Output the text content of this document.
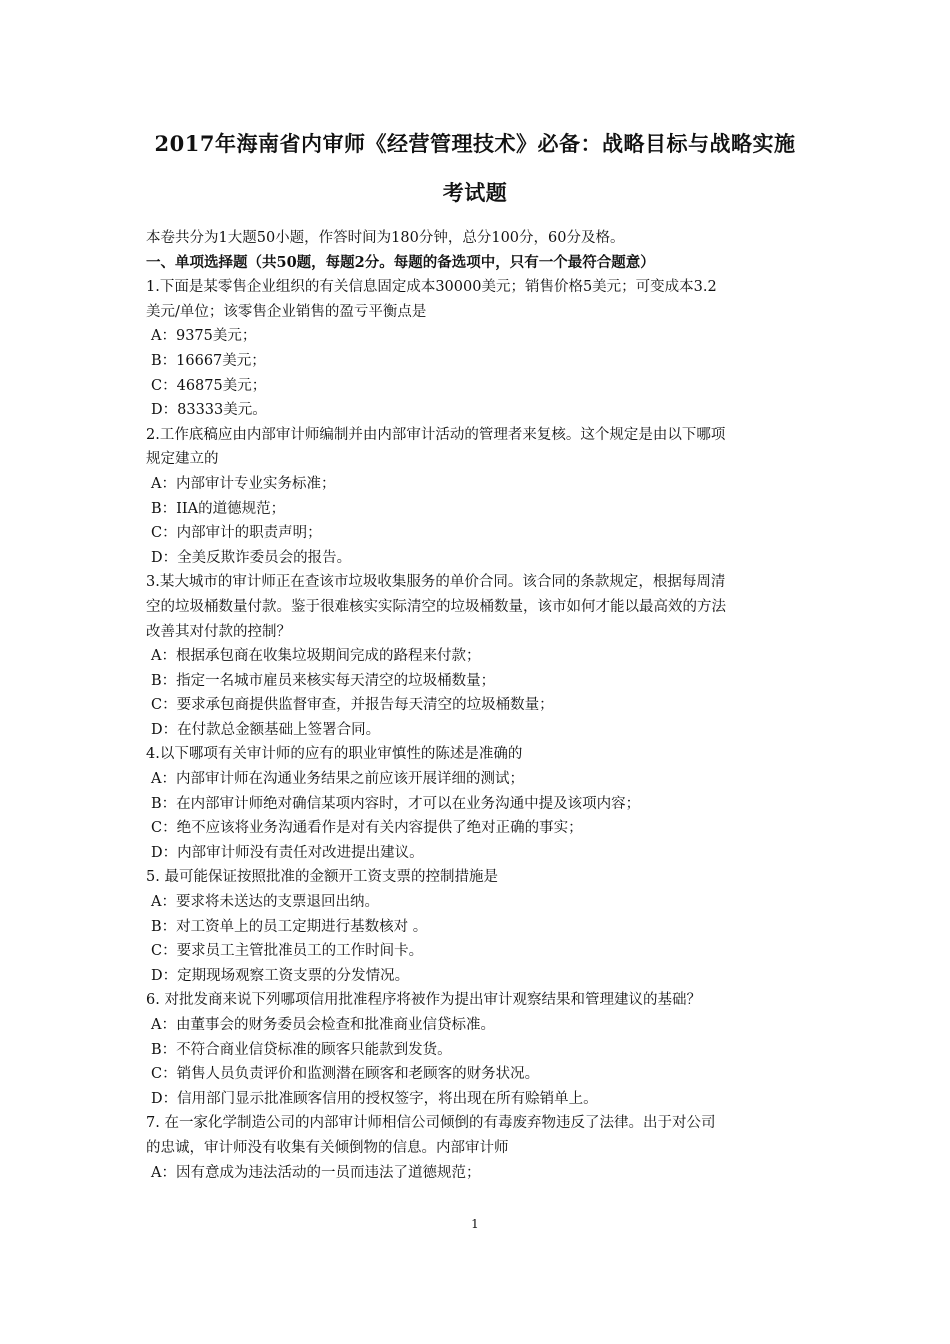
2017年海南省内审师《经营管理技术》必备：战略目标与战略实施
考试题
本卷共分为1大题50小题，作答时间为180分钟，总分100分，60分及格。
一、单项选择题（共50题，每题2分。每题的备选项中，只有一个最符合题意）
1.下面是某零售企业组织的有关信息固定成本30000美元；销售价格5美元；可变成本3.2
美元/单位；该零售企业销售的盈亏平衡点是
A：9375美元；
B：16667美元；
C：46875美元；
D：83333美元。
2.工作底稿应由内部审计师编制并由内部审计活动的管理者来复核。这个规定是由以下哪项
规定建立的
A：内部审计专业实务标准；
B：IIA的道德规范；
C：内部审计的职责声明；
D：全美反欺诈委员会的报告。
3.某大城市的审计师正在查该市垃圾收集服务的单价合同。该合同的条款规定，根据每周清
空的垃圾桶数量付款。鉴于很难核实实际清空的垃圾桶数量，该市如何才能以最高效的方法
改善其对付款的控制？
A：根据承包商在收集垃圾期间完成的路程来付款；
B：指定一名城市雇员来核实每天清空的垃圾桶数量；
C：要求承包商提供监督审查，并报告每天清空的垃圾桶数量；
D：在付款总金额基础上签署合同。
4.以下哪项有关审计师的应有的职业审慎性的陈述是准确的
A：内部审计师在沟通业务结果之前应该开展详细的测试；
B：在内部审计师绝对确信某项内容时，才可以在业务沟通中提及该项内容；
C：绝不应该将业务沟通看作是对有关内容提供了绝对正确的事实；
D：内部审计师没有责任对改进提出建议。
5. 最可能保证按照批准的金额开工资支票的控制措施是
A：要求将未送达的支票退回出纳。
B：对工资单上的员工定期进行基数核对 。
C：要求员工主管批准员工的工作时间卡。
D：定期现场观察工资支票的分发情况。
6. 对批发商来说下列哪项信用批准程序将被作为提出审计观察结果和管理建议的基础？
A：由董事会的财务委员会检查和批准商业信贷标准。
B：不符合商业信贷标准的顾客只能款到发货。
C：销售人员负责评价和监测潜在顾客和老顾客的财务状况。
D：信用部门显示批准顾客信用的授权签字，将出现在所有赊销单上。
7. 在一家化学制造公司的内部审计师相信公司倾倒的有毒废弃物违反了法律。出于对公司
的忠诚，审计师没有收集有关倾倒物的信息。内部审计师
A：因有意成为违法活动的一员而违法了道德规范；
1
